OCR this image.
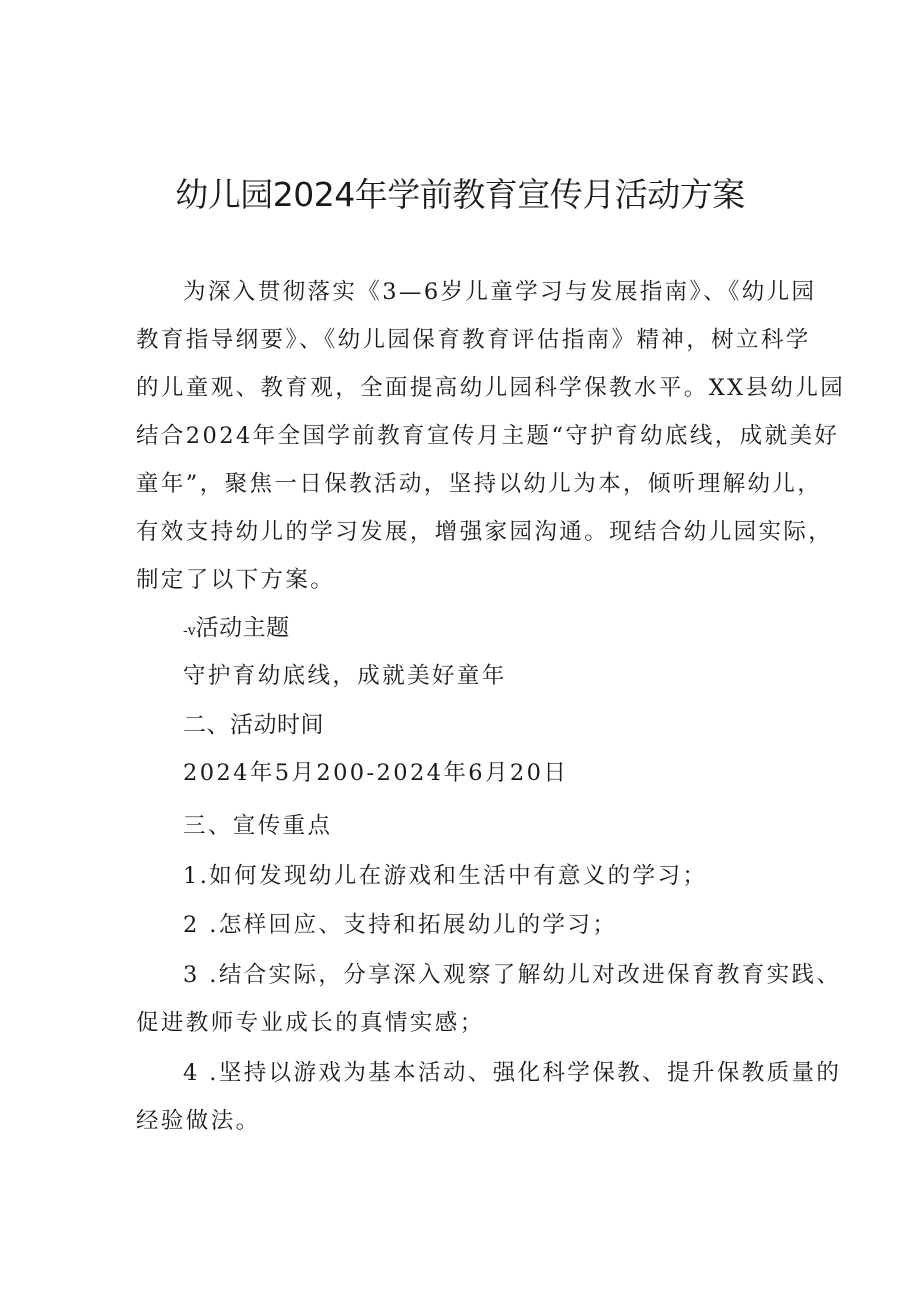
幼儿园2024年学前教育宣传月活动方案
为深入贯彻落实《3—6岁儿童学习与发展指南》、《幼儿园
教育指导纲要》、《幼儿园保育教育评估指南》精神，树立科学
的儿童观、教育观，全面提高幼儿园科学保教水平。XX县幼儿园
结合2024年全国学前教育宣传月主题“守护育幼底线，成就美好
童年”，聚焦一日保教活动，坚持以幼儿为本，倾听理解幼儿，
有效支持幼儿的学习发展，增强家园沟通。现结合幼儿园实际，
制定了以下方案。
-v活动主题
守护育幼底线，成就美好童年
二、活动时间
2024年5月200-2024年6月20日
三、宣传重点
1.如何发现幼儿在游戏和生活中有意义的学习；
2 .怎样回应、支持和拓展幼儿的学习；
3 .结合实际，分享深入观察了解幼儿对改进保育教育实践、
促进教师专业成长的真情实感；
4 .坚持以游戏为基本活动、强化科学保教、提升保教质量的
经验做法。
